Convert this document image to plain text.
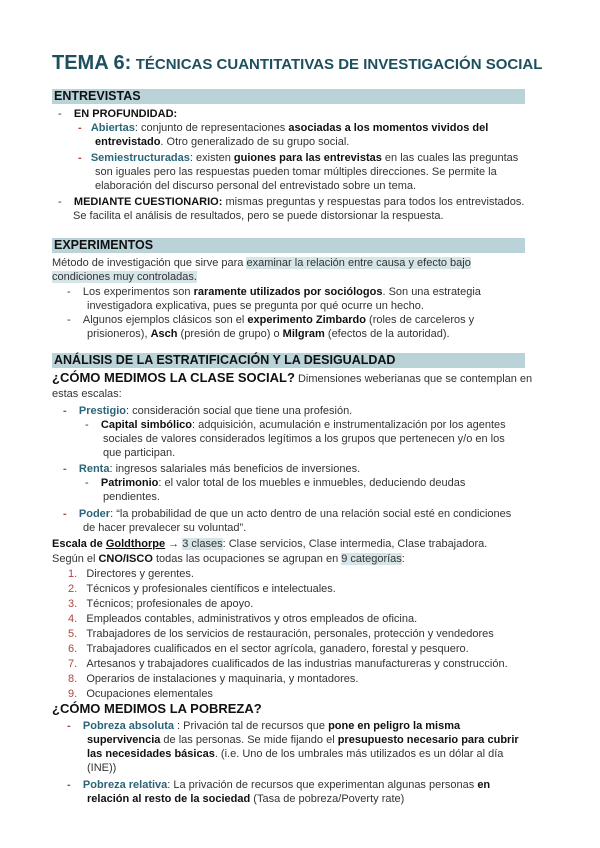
TEMA 6: TÉCNICAS CUANTITATIVAS DE INVESTIGACIÓN SOCIAL
ENTREVISTAS
- EN PROFUNDIDAD:
- Abiertas: conjunto de representaciones asociadas a los momentos vividos del
entrevistado. Otro generalizado de su grupo social.
- Semiestructuradas: existen guiones para las entrevistas en las cuales las preguntas
son iguales pero las respuestas pueden tomar múltiples direcciones. Se permite la
elaboración del discurso personal del entrevistado sobre un tema.
- MEDIANTE CUESTIONARIO: mismas preguntas y respuestas para todos los entrevistados.
Se facilita el análisis de resultados, pero se puede distorsionar la respuesta.
EXPERIMENTOS
Método de investigación que sirve para examinar la relación entre causa y efecto bajo
condiciones muy controladas.
- Los experimentos son raramente utilizados por sociólogos. Son una estrategia
investigadora explicativa, pues se pregunta por qué ocurre un hecho.
- Algunos ejemplos clásicos son el experimento Zimbardo (roles de carceleros y
prisioneros), Asch (presión de grupo) o Milgram (efectos de la autoridad).
ANÁLISIS DE LA ESTRATIFICACIÓN Y LA DESIGUALDAD
¿CÓMO MEDIMOS LA CLASE SOCIAL? Dimensiones weberianas que se contemplan en
estas escalas:
- Prestigio: consideración social que tiene una profesión.
- Capital simbólico: adquisición, acumulación e instrumentalización por los agentes
sociales de valores considerados legítimos a los grupos que pertenecen y/o en los
que participan.
- Renta: ingresos salariales más beneficios de inversiones.
- Patrimonio: el valor total de los muebles e inmuebles, deduciendo deudas
pendientes.
- Poder: “la probabilidad de que un acto dentro de una relación social esté en condiciones
de hacer prevalecer su voluntad”.
Escala de Goldthorpe → 3 clases: Clase servicios, Clase intermedia, Clase trabajadora.
Según el CNO/ISCO todas las ocupaciones se agrupan en 9 categorías:
1. Directores y gerentes.
2. Técnicos y profesionales científicos e intelectuales.
3. Técnicos; profesionales de apoyo.
4. Empleados contables, administrativos y otros empleados de oficina.
5. Trabajadores de los servicios de restauración, personales, protección y vendedores
6. Trabajadores cualificados en el sector agrícola, ganadero, forestal y pesquero.
7. Artesanos y trabajadores cualificados de las industrias manufactureras y construcción.
8. Operarios de instalaciones y maquinaria, y montadores.
9. Ocupaciones elementales
¿CÓMO MEDIMOS LA POBREZA?
- Pobreza absoluta : Privación tal de recursos que pone en peligro la misma
supervivencia de las personas. Se mide fijando el presupuesto necesario para cubrir
las necesidades básicas. (i.e. Uno de los umbrales más utilizados es un dólar al día
(INE))
- Pobreza relativa: La privación de recursos que experimentan algunas personas en
relación al resto de la sociedad (Tasa de pobreza/Poverty rate)
